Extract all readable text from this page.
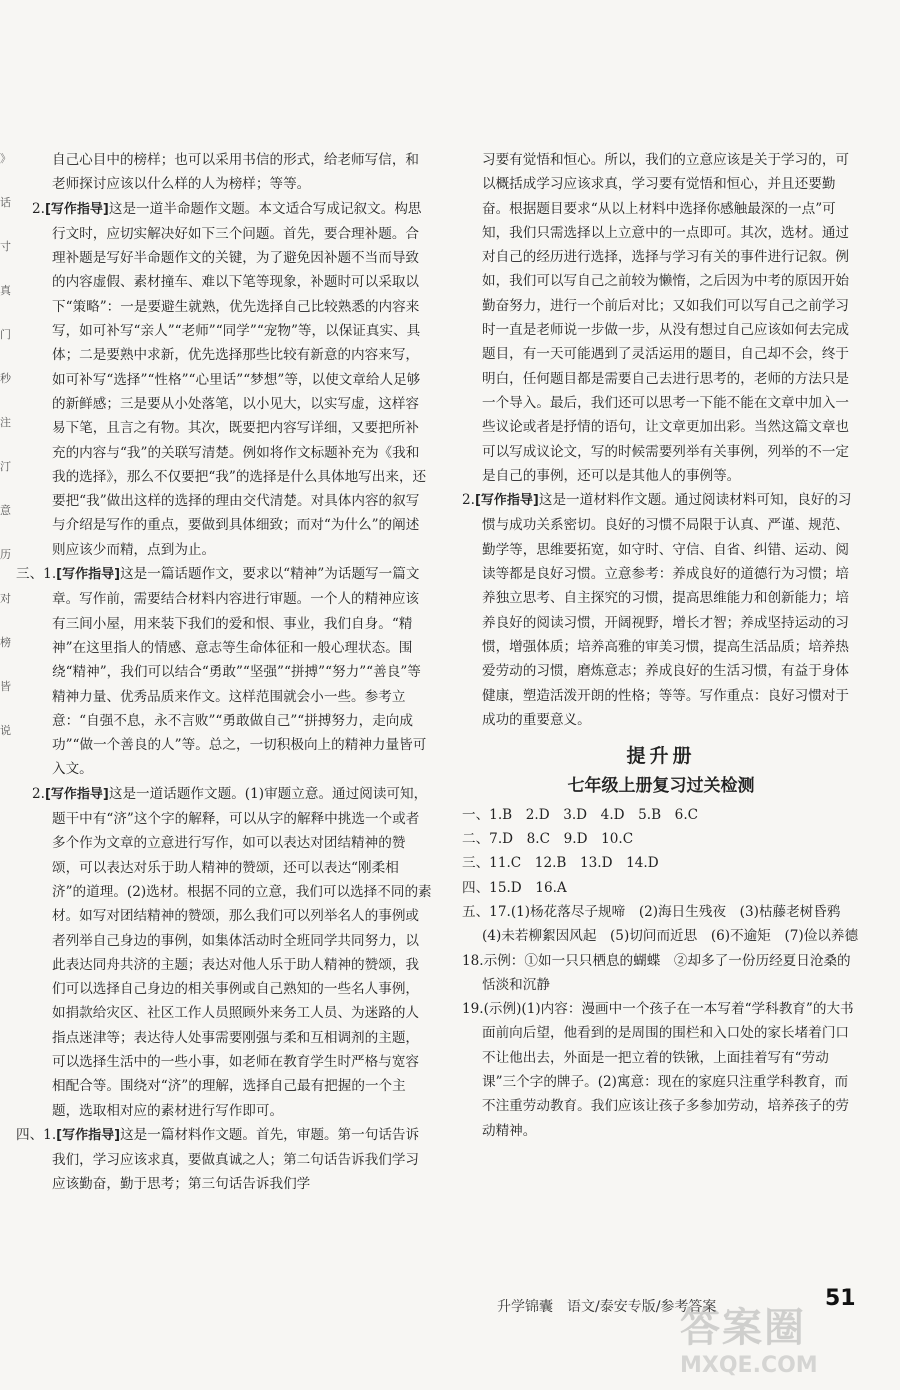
》
话
寸
真
门
秒
注
汀
意
历
对
榜
皆
说

自己心目中的榜样；也可以采用书信的形式，给老师写信，和老师探讨应该以什么样的人为榜样；等等。

2.[写作指导]这是一道半命题作文题。本文适合写成记叙文。构思行文时，应切实解决好如下三个问题。首先，要合理补题。合理补题是写好半命题作文的关键，为了避免因补题不当而导致的内容虚假、素材撞车、难以下笔等现象，补题时可以采取以下“策略”：一是要避生就熟，优先选择自己比较熟悉的内容来写，如可补写“亲人”“老师”“同学”“宠物”等，以保证真实、具体；二是要熟中求新，优先选择那些比较有新意的内容来写，如可补写“选择”“性格”“心里话”“梦想”等，以使文章给人足够的新鲜感；三是要从小处落笔，以小见大，以实写虚，这样容易下笔，且言之有物。其次，既要把内容写详细，又要把所补充的内容与“我”的关联写清楚。例如将作文标题补充为《我和我的选择》，那么不仅要把“我”的选择是什么具体地写出来，还要把“我”做出这样的选择的理由交代清楚。对具体内容的叙写与介绍是写作的重点，要做到具体细致；而对“为什么”的阐述则应该少而精，点到为止。

三、1.[写作指导]这是一篇话题作文，要求以“精神”为话题写一篇文章。写作前，需要结合材料内容进行审题。一个人的精神应该有三间小屋，用来装下我们的爱和恨、事业，我们自身。“精神”在这里指人的情感、意志等生命体征和一般心理状态。围绕“精神”，我们可以结合“勇敢”“坚强”“拼搏”“努力”“善良”等精神力量、优秀品质来作文。这样范围就会小一些。参考立意：“自强不息，永不言败”“勇敢做自己”“拼搏努力，走向成功”“做一个善良的人”等。总之，一切积极向上的精神力量皆可入文。

2.[写作指导]这是一道话题作文题。(1)审题立意。通过阅读可知，题干中有“济”这个字的解释，可以从字的解释中挑选一个或者多个作为文章的立意进行写作，如可以表达对团结精神的赞颂，可以表达对乐于助人精神的赞颂，还可以表达“刚柔相济”的道理。(2)选材。根据不同的立意，我们可以选择不同的素材。如写对团结精神的赞颂，那么我们可以列举名人的事例或者列举自己身边的事例，如集体活动时全班同学共同努力，以此表达同舟共济的主题；表达对他人乐于助人精神的赞颂，我们可以选择自己身边的相关事例或自己熟知的一些名人事例，如捐款给灾区、社区工作人员照顾外来务工人员、为迷路的人指点迷津等；表达待人处事需要刚强与柔和互相调剂的主题，可以选择生活中的一些小事，如老师在教育学生时严格与宽容相配合等。围绕对“济”的理解，选择自己最有把握的一个主题，选取相对应的素材进行写作即可。

四、1.[写作指导]这是一篇材料作文题。首先，审题。第一句话告诉我们，学习应该求真，要做真诚之人；第二句话告诉我们学习应该勤奋，勤于思考；第三句话告诉我们学

习要有觉悟和恒心。所以，我们的立意应该是关于学习的，可以概括成学习应该求真，学习要有觉悟和恒心，并且还要勤奋。根据题目要求“从以上材料中选择你感触最深的一点”可知，我们只需选择以上立意中的一点即可。其次，选材。通过对自己的经历进行选择，选择与学习有关的事件进行记叙。例如，我们可以写自己之前较为懒惰，之后因为中考的原因开始勤奋努力，进行一个前后对比；又如我们可以写自己之前学习时一直是老师说一步做一步，从没有想过自己应该如何去完成题目，有一天可能遇到了灵活运用的题目，自己却不会，终于明白，任何题目都是需要自己去进行思考的，老师的方法只是一个导入。最后，我们还可以思考一下能不能在文章中加入一些议论或者是抒情的语句，让文章更加出彩。当然这篇文章也可以写成议论文，写的时候需要列举有关事例，列举的不一定是自己的事例，还可以是其他人的事例等。

2.[写作指导]这是一道材料作文题。通过阅读材料可知，良好的习惯与成功关系密切。良好的习惯不局限于认真、严谨、规范、勤学等，思维要拓宽，如守时、守信、自省、纠错、运动、阅读等都是良好习惯。立意参考：养成良好的道德行为习惯；培养独立思考、自主探究的习惯，提高思维能力和创新能力；培养良好的阅读习惯，开阔视野，增长才智；养成坚持运动的习惯，增强体质；培养高雅的审美习惯，提高生活品质；培养热爱劳动的习惯，磨炼意志；养成良好的生活习惯，有益于身体健康，塑造活泼开朗的性格；等等。写作重点：良好习惯对于成功的重要意义。

提升册
七年级上册复习过关检测

一、1.B　2.D　3.D　4.D　5.B　6.C

二、7.D　8.C　9.D　10.C

三、11.C　12.B　13.D　14.D

四、15.D　16.A

五、17.(1)杨花落尽子规啼　(2)海日生残夜　(3)枯藤老树昏鸦　(4)未若柳絮因风起　(5)切问而近思　(6)不逾矩　(7)俭以养德

18.示例：①如一只只栖息的蝴蝶　②却多了一份历经夏日沧桑的恬淡和沉静

19.(示例)(1)内容：漫画中一个孩子在一本写着“学科教育”的大书面前向后望，他看到的是周围的围栏和入口处的家长堵着门口不让他出去，外面是一把立着的铁锹，上面挂着写有“劳动课”三个字的牌子。(2)寓意：现在的家庭只注重学科教育，而不注重劳动教育。我们应该让孩子多参加劳动，培养孩子的劳动精神。

升学锦囊　语文/泰安专版/参考答案	51
答案圈
MXQE.COM
